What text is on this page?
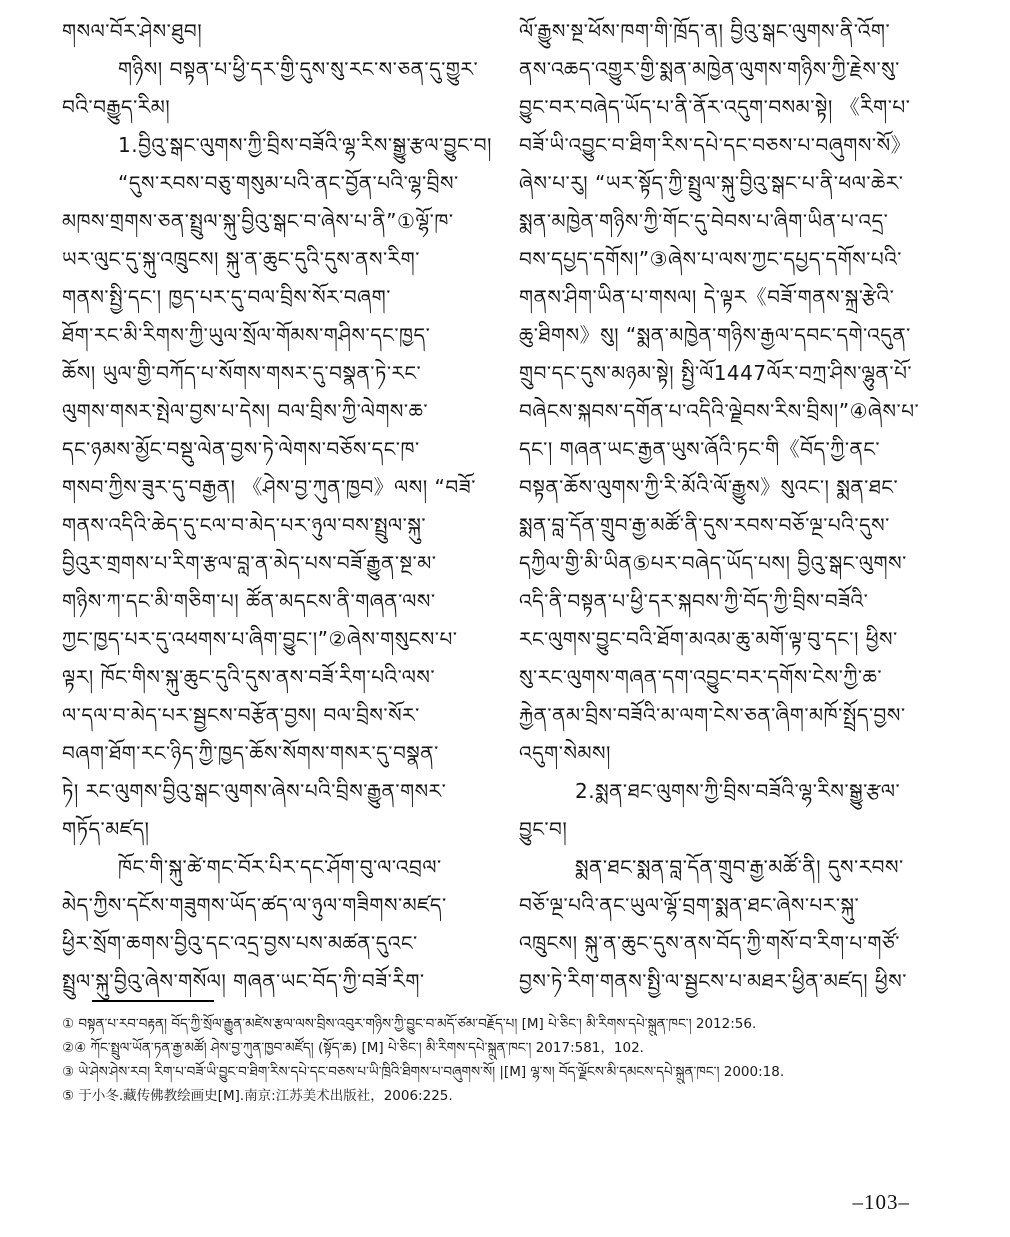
གསལ་བོར་ཤེས་ཐུབ།
གཉིས། བསྟན་པ་ཕྱི་དར་གྱི་དུས་སུ་རང་ས་ཅན་དུ་གྱུར་
བའི་བརྒྱུད་རིམ།
1.བྱིའུ་སྒང་ལུགས་ཀྱི་བྲིས་བཟོའི་ལྷ་རིས་སྒྱུ་རྩལ་བྱུང་བ།
“དུས་རབས་བཅུ་གསུམ་པའི་ནང་བྱོན་པའི་ལྷ་བྲིས་
མཁས་གྲགས་ཅན་སྤྲུལ་སྐུ་བྱིའུ་སྒང་བ་ཞེས་པ་ནི”①ལྷོ་ཁ་
ཡར་ལུང་དུ་སྐུ་འཁྲུངས། སྐུ་ན་ཆུང་དུའི་དུས་ནས་རིག་
གནས་སྤྱི་དང་། ཁྱད་པར་དུ་བལ་བྲིས་སོར་བཞག་
ཐོག་རང་མི་རིགས་ཀྱི་ཡུལ་སྲོལ་གོམས་གཤིས་དང་ཁྱད་
ཆོས། ཡུལ་གྱི་བཀོད་པ་སོགས་གསར་དུ་བསྣན་ཏེ་རང་
ལུགས་གསར་སྤེལ་བྱས་པ་དེས། བལ་བྲིས་ཀྱི་ལེགས་ཆ་
དང་ཉམས་མྱོང་བསྡུ་ལེན་བྱས་ཏེ་ལེགས་བཅོས་དང་ཁ་
གསབ་ཀྱིས་ཟུར་དུ་བརྒྱན། 《ཤེས་བྱ་ཀུན་ཁྱབ》ལས། “བཟོ་
གནས་འདིའི་ཆེད་དུ་ངལ་བ་མེད་པར་ཉུལ་བས་སྤྲུལ་སྐུ་
བྱིའུར་གྲགས་པ་རིག་རྩལ་བླ་ན་མེད་པས་བཟོ་རྒྱུན་སྔ་མ་
གཉིས་ཀ་དང་མི་གཅིག་པ། ཚོན་མདངས་ནི་གཞན་ལས་
ཀྱང་ཁྱད་པར་དུ་འཕགས་པ་ཞིག་བྱུང་།”②ཞེས་གསུངས་པ་
ལྟར། ཁོང་གིས་སྐུ་ཆུང་དུའི་དུས་ནས་བཟོ་རིག་པའི་ལས་
ལ་དལ་བ་མེད་པར་སྦྱངས་བརྩོན་བྱས། བལ་བྲིས་སོར་
བཞག་ཐོག་རང་ཉིད་ཀྱི་ཁྱད་ཆོས་སོགས་གསར་དུ་བསྣན་
ཏེ། རང་ལུགས་བྱིའུ་སྒང་ལུགས་ཞེས་པའི་བྲིས་རྒྱུན་གསར་
གཏོད་མཛད།
ཁོང་གི་སྐུ་ཚེ་གང་བོར་པིར་དང་ཤོག་བུ་ལ་འབྲལ་
མེད་ཀྱིས་དངོས་གཟུགས་ཡོད་ཚད་ལ་ཉུལ་གཟིགས་མཛད་
ཕྱིར་སྲོག་ཆགས་བྱིའུ་དང་འདྲ་བྱས་པས་མཚན་དུའང་
སྤྲུལ་སྐུ་བྱིའུ་ཞེས་གསོལ། གཞན་ཡང་བོད་ཀྱི་བཟོ་རིག་
ལོ་རྒྱུས་སྔ་ཕོས་ཁག་གི་ཁྲོད་ན། བྱིའུ་སྒང་ལུགས་ནི་འོག་
ནས་འཆད་འགྱུར་གྱི་སྨན་མཁྱེན་ལུགས་གཉིས་ཀྱི་རྗེས་སུ་
བྱུང་བར་བཞེད་ཡོད་པ་ནི་ནོར་འདུག་བསམ་སྟེ། 《རིག་པ་
བཟོ་ཡི་འབྱུང་བ་ཐིག་རིས་དཔེ་དང་བཅས་པ་བཞུགས་སོ》
ཞེས་པ་རུ། “ཡར་སྟོད་ཀྱི་སྤྲུལ་སྐུ་བྱིའུ་སྒང་པ་ནི་ཕལ་ཆེར་
སྨན་མཁྱེན་གཉིས་ཀྱི་གོང་དུ་བེབས་པ་ཞིག་ཡིན་པ་འདྲ་
བས་དཔྱད་དགོས།”③ཞེས་པ་ལས་ཀྱང་དཔྱད་དགོས་པའི་
གནས་ཤིག་ཡིན་པ་གསལ། དེ་ལྟར《བཟོ་གནས་སྐྲ་རྩེའི་
ཆུ་ཐིགས》སུ། “སྨན་མཁྱེན་གཉིས་རྒྱལ་དབང་དགེ་འདུན་
གྲུབ་དང་དུས་མཉམ་སྟེ། སྤྱི་ལོ1447ལོར་བཀྲ་ཤིས་ལྷུན་པོ་
བཞེངས་སྐབས་དགོན་པ་འདིའི་ལྗེབས་རིས་བྲིས།”④ཞེས་པ་
དང་། གཞན་ཡང་རྒྱན་ཡུས་ཞོའི་ཏང་གི《བོད་ཀྱི་ནང་
བསྟན་ཆོས་ལུགས་ཀྱི་རི་མོའི་ལོ་རྒྱུས》སུའང་། སྨན་ཐང་
སྨན་བླ་དོན་གྲུབ་རྒྱ་མཚོ་ནི་དུས་རབས་བཅོ་ལྔ་པའི་དུས་
དཀྱིལ་གྱི་མི་ཡིན⑤པར་བཞེད་ཡོད་པས། བྱིའུ་སྒང་ལུགས་
འདི་ནི་བསྟན་པ་ཕྱི་དར་སྐབས་ཀྱི་བོད་ཀྱི་བྲིས་བཟོའི་
རང་ལུགས་བྱུང་བའི་ཐོག་མའམ་ཆུ་མགོ་ལྟ་བུ་དང་། ཕྱིས་
སུ་རང་ལུགས་གཞན་དག་འབྱུང་བར་དགོས་ངེས་ཀྱི་ཆ་
རྐྱེན་ནམ་བྲིས་བཟོའི་མ་ལག་ངེས་ཅན་ཞིག་མཁོ་སྤྲོད་བྱས་
འདུག་སེམས།
2.སྨན་ཐང་ལུགས་ཀྱི་བྲིས་བཟོའི་ལྷ་རིས་སྒྱུ་རྩལ་
བྱུང་བ།
སྨན་ཐང་སྨན་བླ་དོན་གྲུབ་རྒྱ་མཚོ་ནི། དུས་རབས་
བཅོ་ལྔ་པའི་ནང་ཡུལ་ལྷོ་བྲག་སྨན་ཐང་ཞེས་པར་སྐུ་
འཁྲུངས། སྐུ་ན་ཆུང་དུས་ནས་བོད་ཀྱི་གསོ་བ་རིག་པ་གཙོ་
བྱས་ཏེ་རིག་གནས་སྤྱི་ལ་སྦྱངས་པ་མཐར་ཕྱིན་མཛད། ཕྱིས་
① བསྟན་པ་རབ་བརྟན། བོད་ཀྱི་སྲོལ་རྒྱུན་མཛེས་རྩལ་ལས་བྲིས་འབུར་གཉིས་ཀྱི་བྱུང་བ་མདོ་ཙམ་བརྗོད་པ། [M] པེ་ཅིང་། མི་རིགས་དཔེ་སྐྲུན་ཁང་། 2012:56.
②④ ཀོང་སྤྲུལ་ཡོན་ཏན་རྒྱ་མཚོ། ཤེས་བྱ་ཀུན་ཁྱབ་མཛོད། (སྟོད་ཆ) [M] པེ་ཅིང་། མི་རིགས་དཔེ་སྐྲུན་ཁང་། 2017:581，102.
③ ཡེ་ཤེས་ཤེས་རབ། རིག་པ་བཟོ་ཡི་བྱུང་བ་ཐིག་རིས་དཔེ་དང་བཅས་པ་ཡི་ཁྲིའི་ཐིགས་པ་བཞུགས་སོ། |[M] ལྷ་ས། བོད་ལྗོངས་མི་དམངས་དཔེ་སྐྲུན་ཁང་། 2000:18.
⑤ 于小冬.藏传佛教绘画史[M].南京:江苏美术出版社，2006:225.
–103–
